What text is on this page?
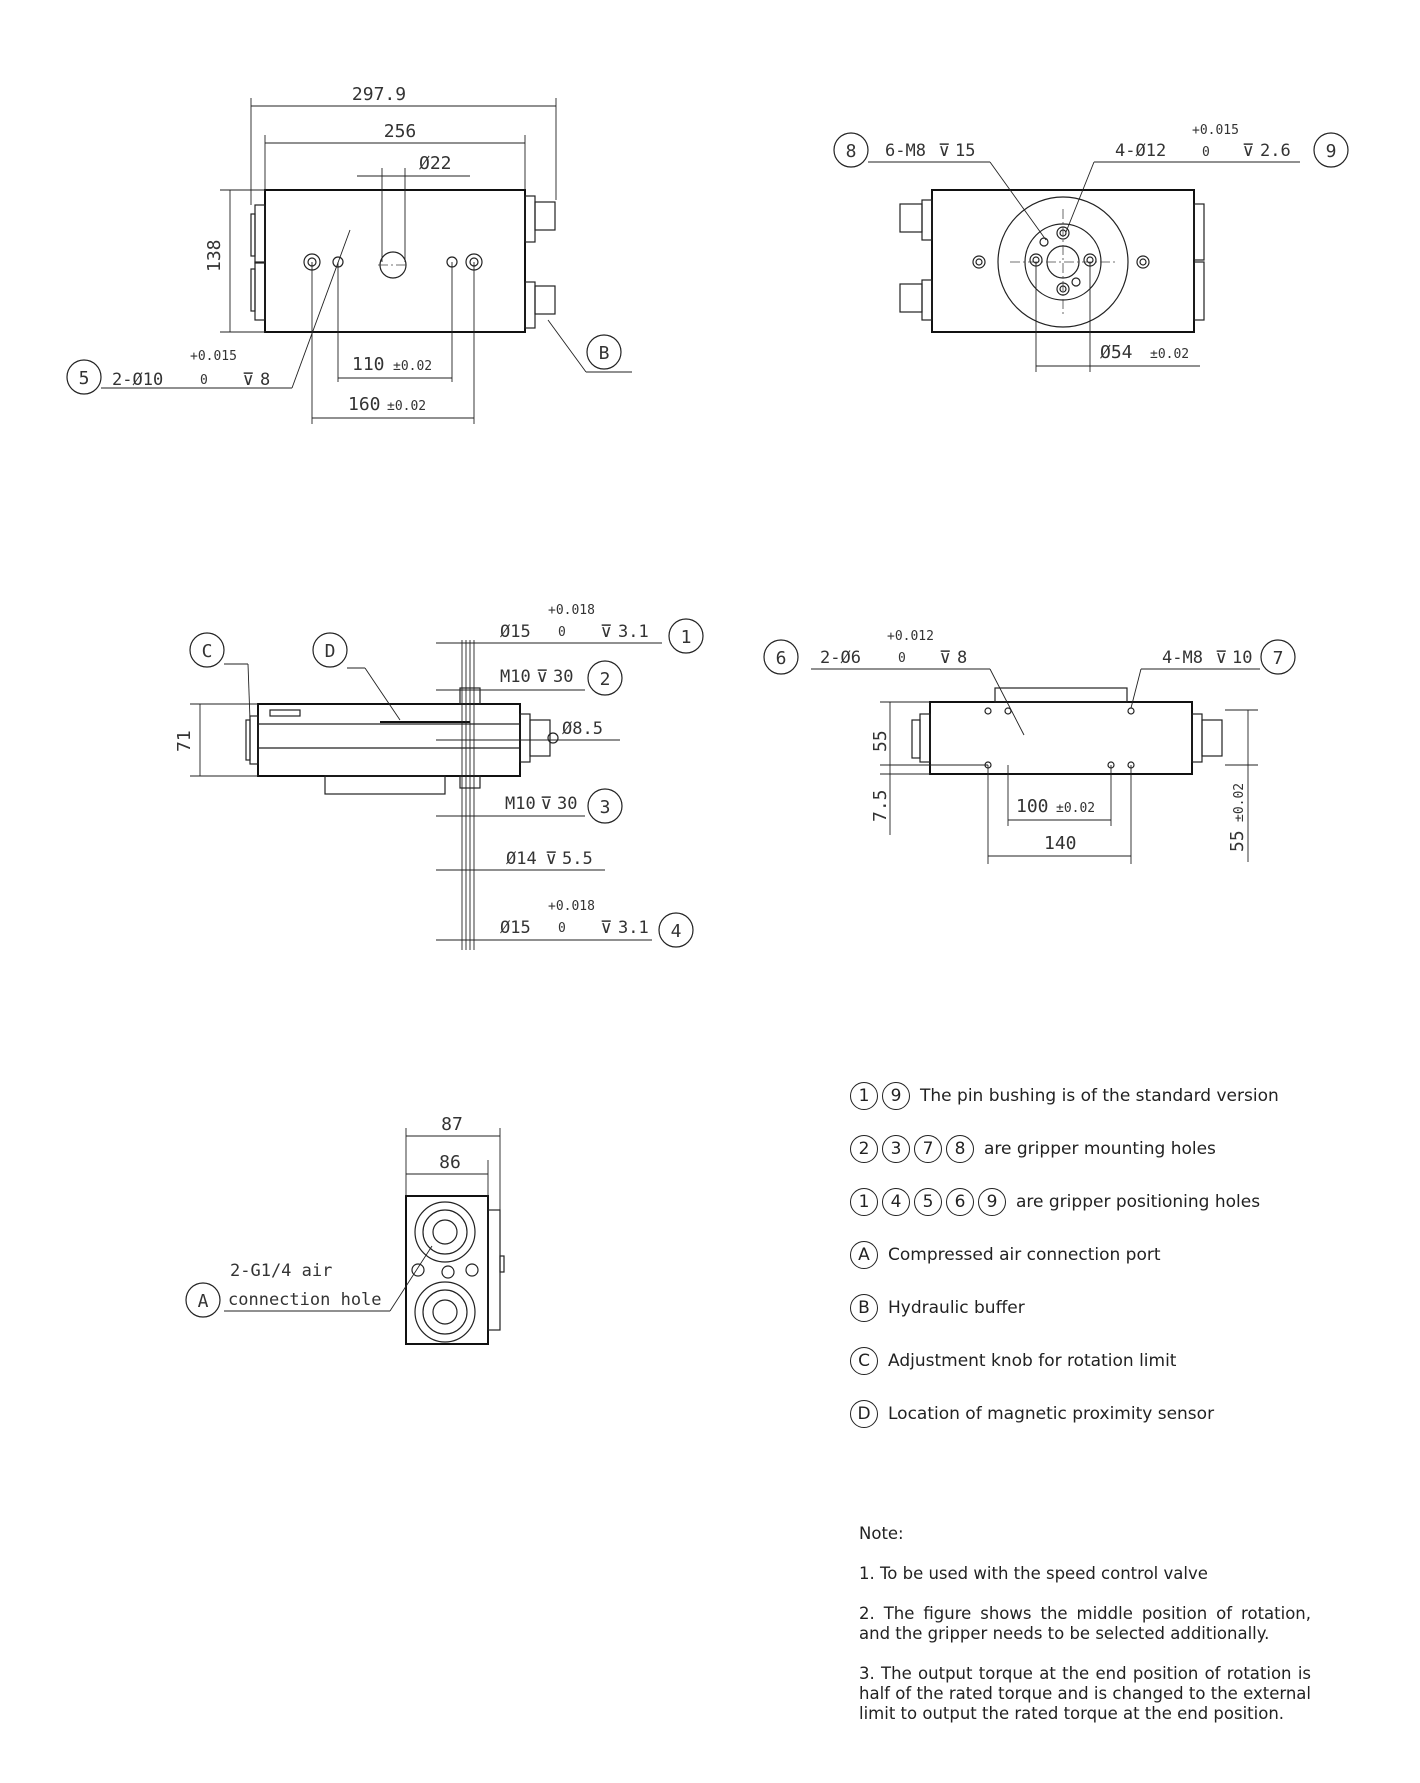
297.9
256
Ø22
138
110 ±0.02
160 ±0.02
5 2-Ø10
+0.015
0 ⊽ 8
B
8 6-M8 ⊽ 15	9
4-Ø12
+0.015
0 ⊽ 2.6
Ø54 ±0.02
71
C	D
1
Ø15
+0.018
0 ⊽ 3.1
2
M10 ⊽ 30
Ø8.5
3
M10 ⊽ 30
Ø14 ⊽ 5.5
4
Ø15
+0.018
0 ⊽ 3.1
6 2-Ø6
+0.012
0 ⊽ 8	7
4-M8 ⊽ 10
55
7.5	100 ±0.02
140	55
±0.02
87
86
A
2-G1/4 air
connection hole
1	9	The pin bushing is of the standard version
2	3	7	8	are gripper mounting holes
1	4	5	6	9	are gripper positioning holes
A	Compressed air connection port
B	Hydraulic buffer
C	Adjustment knob for rotation limit
D	Location of magnetic proximity sensor

Note:

1. To be used with the speed control valve

2. The figure shows the middle position of rotation, and the gripper needs to be selected additionally.

3. The output torque at the end position of rotation is half of the rated torque and is changed to the external limit to output the rated torque at the end position.
